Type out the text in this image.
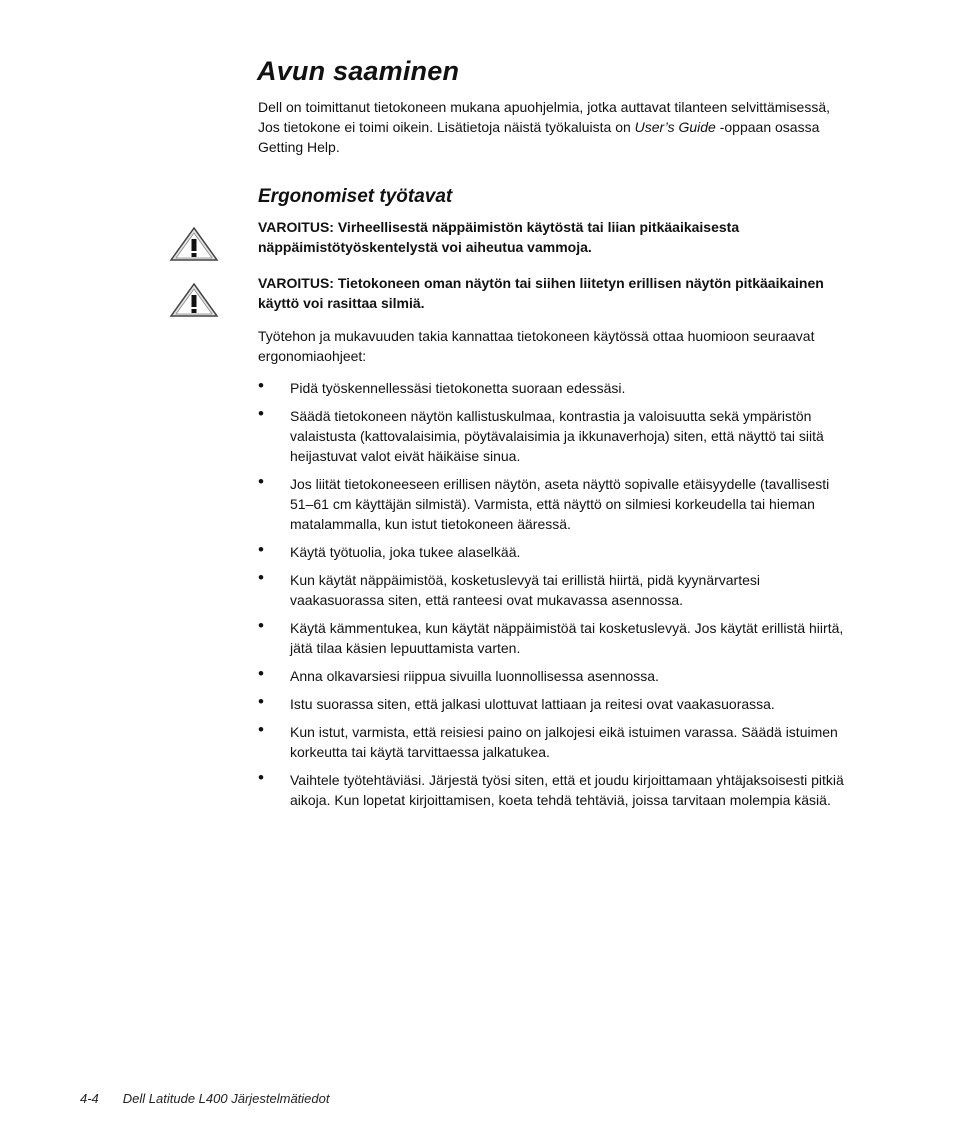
Avun saaminen

Dell on toimittanut tietokoneen mukana apuohjelmia, jotka auttavat tilanteen selvittämisessä, Jos tietokone ei toimi oikein. Lisätietoja näistä työkaluista on User’s Guide -oppaan osassa Getting Help.

Ergonomiset työtavat

VAROITUS: Virheellisestä näppäimistön käytöstä tai liian pitkäaikaisesta näppäimistötyöskentelystä voi aiheutua vammoja.

VAROITUS: Tietokoneen oman näytön tai siihen liitetyn erillisen näytön pitkäaikainen käyttö voi rasittaa silmiä.

Työtehon ja mukavuuden takia kannattaa tietokoneen käytössä ottaa huomioon seuraavat ergonomiaohjeet:

• Pidä työskennellessäsi tietokonetta suoraan edessäsi.
• Säädä tietokoneen näytön kallistuskulmaa, kontrastia ja valoisuutta sekä ympäristön valaistusta (kattovalaisimia, pöytävalaisimia ja ikkunaverhoja) siten, että näyttö tai siitä heijastuvat valot eivät häikäise sinua.
• Jos liität tietokoneeseen erillisen näytön, aseta näyttö sopivalle etäisyydelle (tavallisesti 51–61 cm käyttäjän silmistä). Varmista, että näyttö on silmiesi korkeudella tai hieman matalammalla, kun istut tietokoneen ääressä.
• Käytä työtuolia, joka tukee alaselkää.
• Kun käytät näppäimistöä, kosketuslevyä tai erillistä hiirtä, pidä kyynärvartesi vaakasuorassa siten, että ranteesi ovat mukavassa asennossa.
• Käytä kämmentukea, kun käytät näppäimistöä tai kosketuslevyä. Jos käytät erillistä hiirtä, jätä tilaa käsien lepuuttamista varten.
• Anna olkavarsiesi riippua sivuilla luonnollisessa asennossa.
• Istu suorassa siten, että jalkasi ulottuvat lattiaan ja reitesi ovat vaakasuorassa.
• Kun istut, varmista, että reisiesi paino on jalkojesi eikä istuimen varassa. Säädä istuimen korkeutta tai käytä tarvittaessa jalkatukea.
• Vaihtele työtehtäviäsi. Järjestä työsi siten, että et joudu kirjoittamaan yhtäjaksoisesti pitkiä aikoja. Kun lopetat kirjoittamisen, koeta tehdä tehtäviä, joissa tarvitaan molempia käsiä.
4-4 Dell Latitude L400 Järjestelmätiedot
